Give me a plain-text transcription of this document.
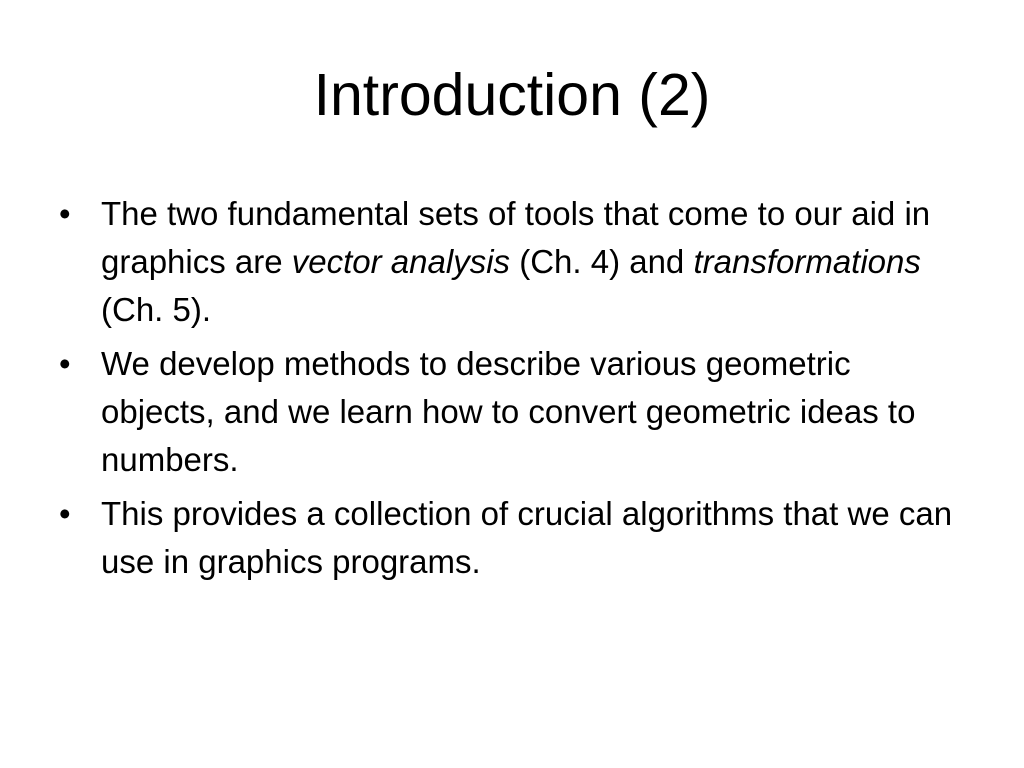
Introduction (2)
• The two fundamental sets of tools that come to our aid in graphics are vector analysis (Ch. 4) and transformations (Ch. 5).
• We develop methods to describe various geometric objects, and we learn how to convert geometric ideas to numbers.
• This provides a collection of crucial algorithms that we can use in graphics programs.
